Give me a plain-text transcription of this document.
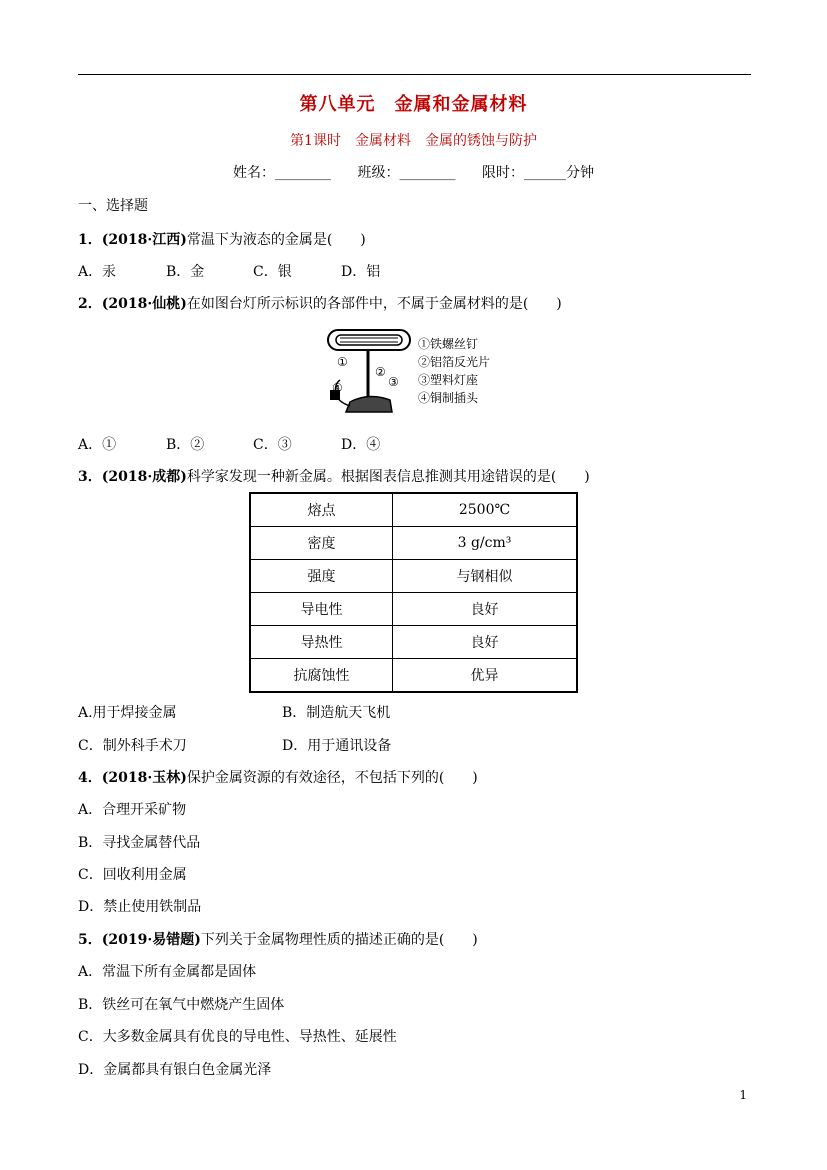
第八单元　金属和金属材料
第1课时　金属材料　金属的锈蚀与防护
姓名：________ 班级：________ 限时：______分钟
一、选择题
1．(2018·江西)常温下为液态的金属是(　　)
A．汞	B．金	C．银	D．铝
2．(2018·仙桃)在如图台灯所示标识的各部件中，不属于金属材料的是(　　)
①
②
③
④
①铁螺丝钉
②铝箔反光片
③塑料灯座
④铜制插头
A．①	B．②	C．③	D．④
3．(2018·成都)科学家发现一种新金属。根据图表信息推测其用途错误的是(　　)
熔点	2500℃
密度	3 g/cm³
强度	与钢相似
导电性	良好
导热性	良好
抗腐蚀性	优异
A.用于焊接金属	B．制造航天飞机
C．制外科手术刀	D．用于通讯设备
4．(2018·玉林)保护金属资源的有效途径，不包括下列的(　　)
A．合理开采矿物
B．寻找金属替代品
C．回收利用金属
D．禁止使用铁制品
5．(2019·易错题)下列关于金属物理性质的描述正确的是(　　)
A．常温下所有金属都是固体
B．铁丝可在氧气中燃烧产生固体
C．大多数金属具有优良的导电性、导热性、延展性
D．金属都具有银白色金属光泽
1
